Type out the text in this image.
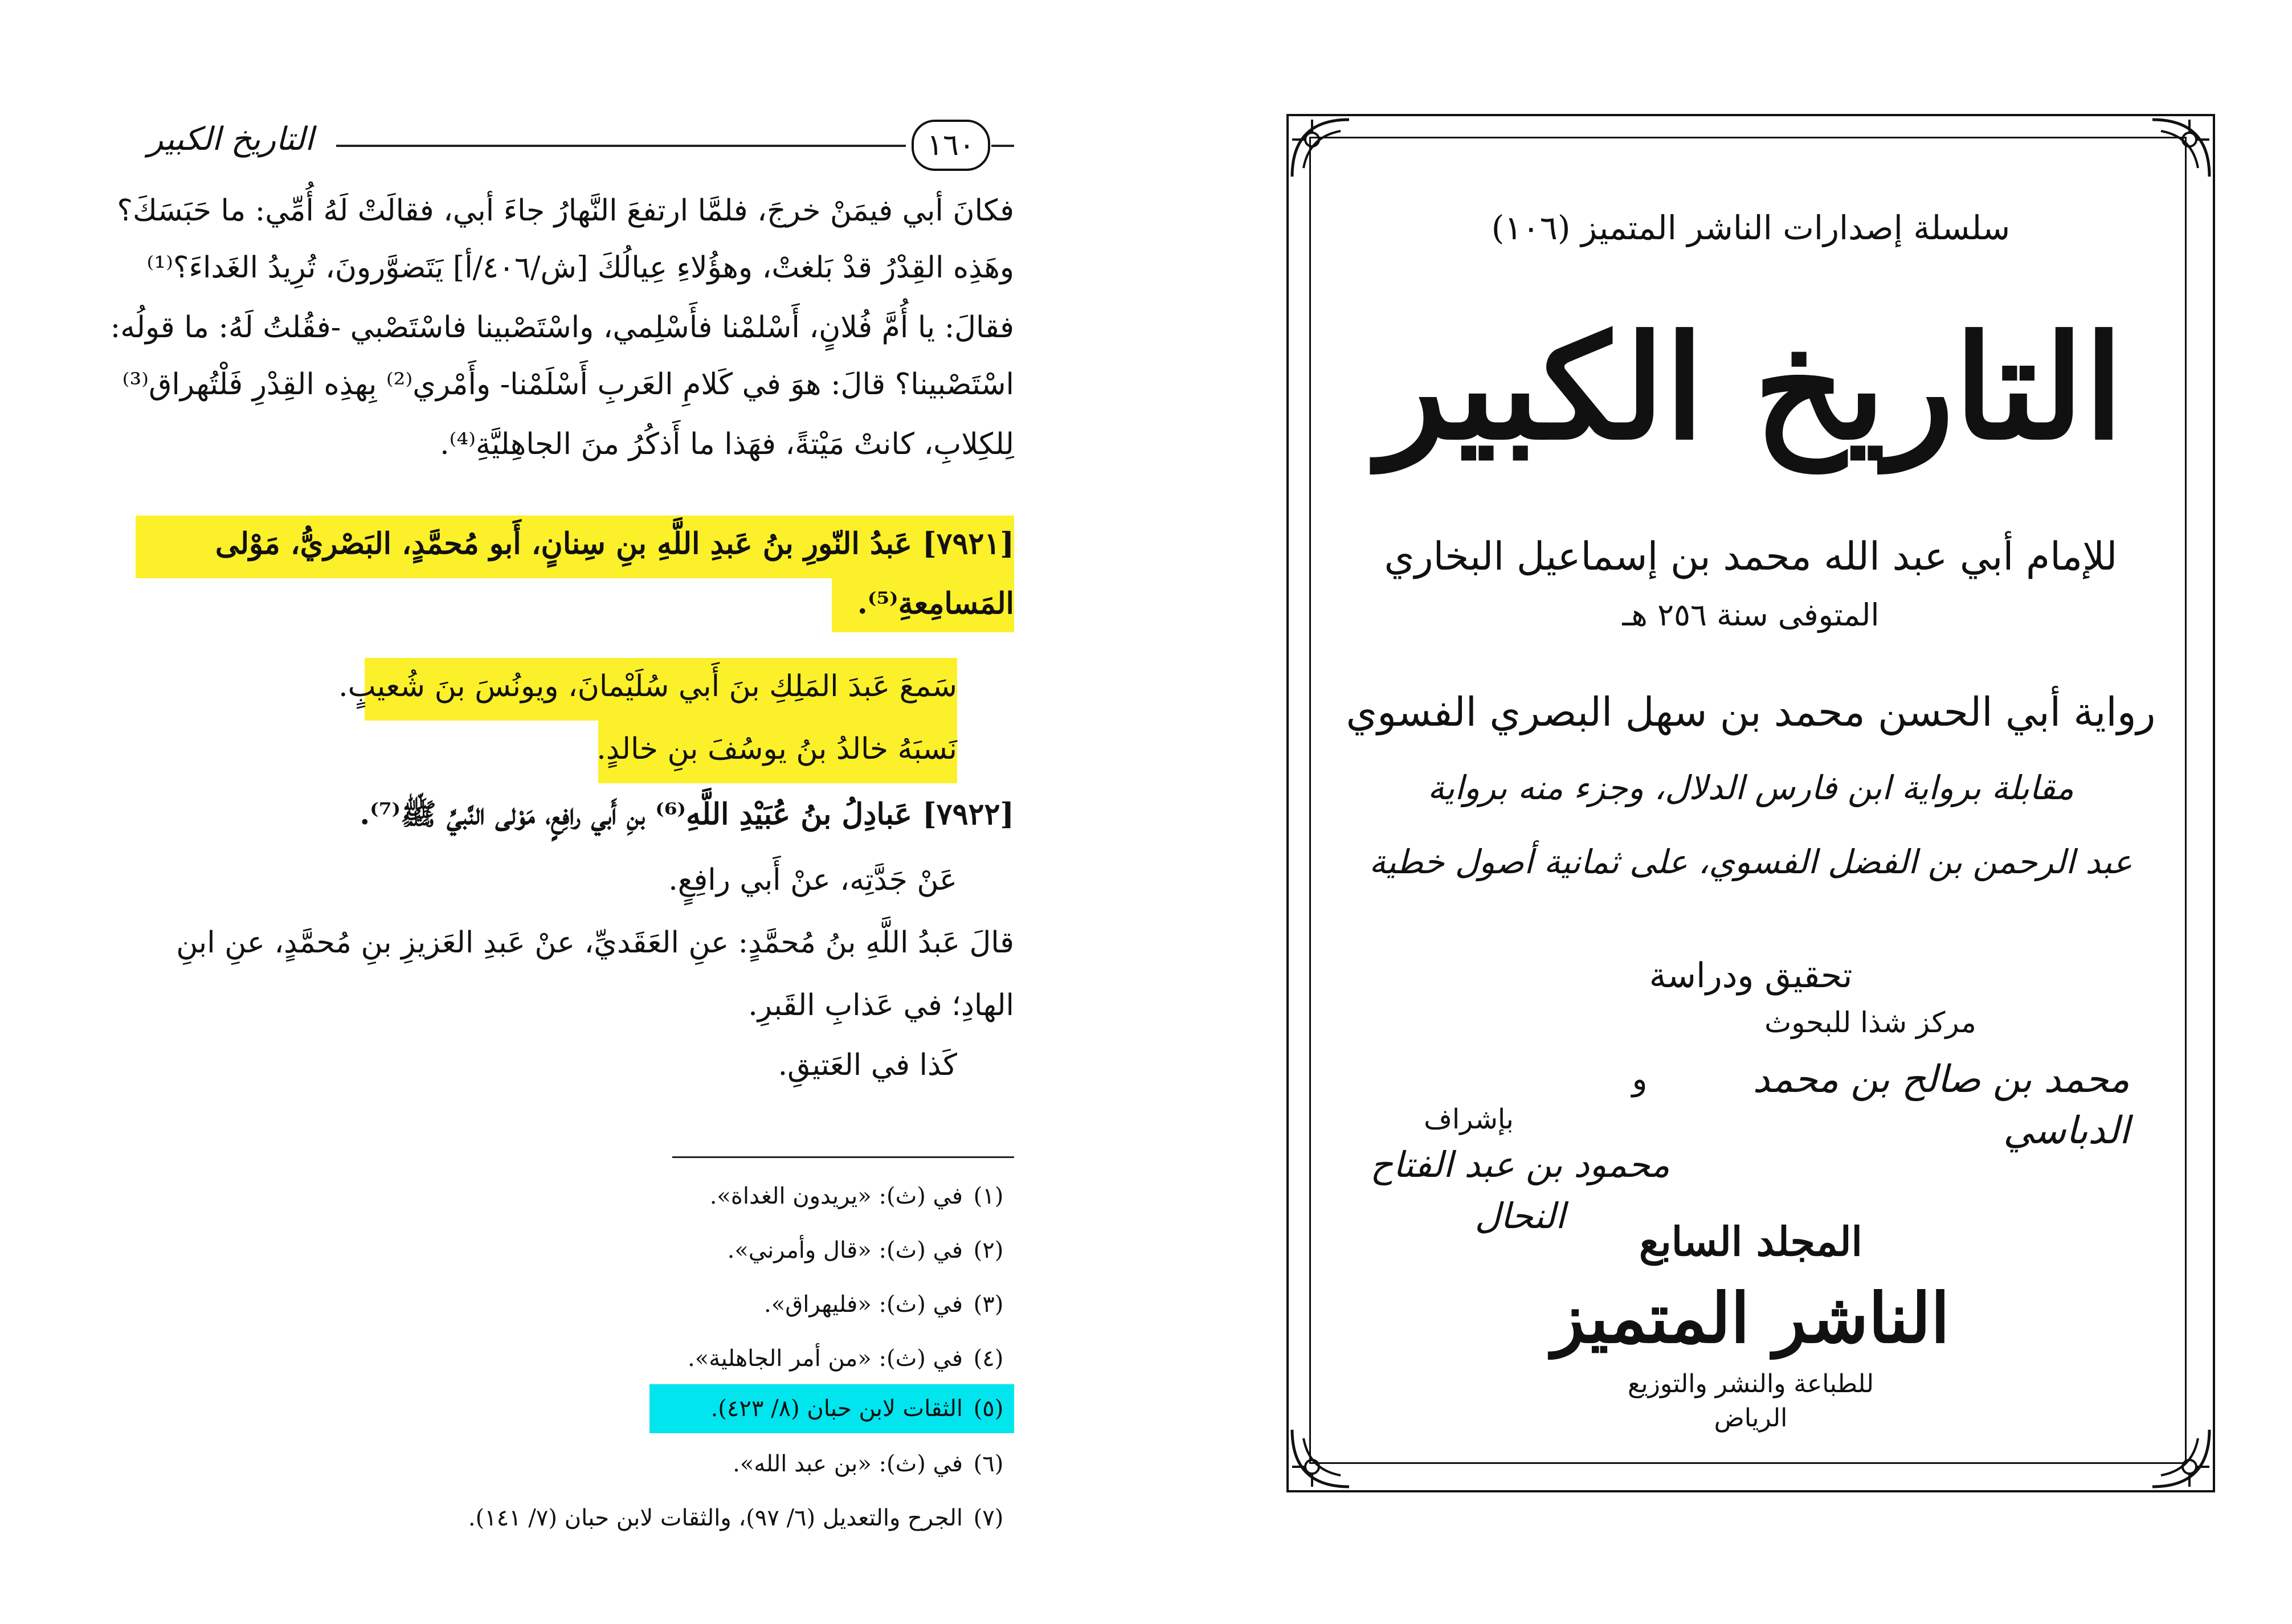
التاريخ الكبير	١٦٠
فكانَ أبي فيمَنْ خرجَ، فلمَّا ارتفعَ النَّهارُ جاءَ أبي، فقالَتْ لَهُ أُمِّي: ما حَبَسَكَ؟
وهَذِه القِدْرُ قدْ بَلغتْ، وهؤُلاءِ عِيالُكَ [ش/٤٠٦/أ] يَتَضوَّرونَ، تُرِيدُ الغَداءَ؟⁽¹⁾
فقالَ: يا أُمَّ فُلانٍ، أَسْلمْنا فأَسْلِمي، واسْتَصْبينا فاسْتَصْبي -فقُلتُ لَهُ: ما قولُه:
اسْتَصْبينا؟ قالَ: هوَ في كَلامِ العَربِ أَسْلَمْنا- وأَمْري⁽²⁾ بِهذِه القِدْرِ فَلْتُهراق⁽³⁾
لِلكِلابِ، كانتْ مَيْتةً، فهَذا ما أَذكُرُ منَ الجاهِليَّةِ⁽⁴⁾.
[٧٩٢١] عَبدُ النّورِ بنُ عَبدِ اللَّهِ بنِ سِنانٍ، أَبو مُحمَّدٍ، البَصْريُّ، مَوْلى
المَسامِعةِ⁽⁵⁾.
سَمعَ عَبدَ المَلِكِ بنَ أَبي سُلَيْمانَ، ويونُسَ بنَ شُعيبٍ.
نَسبَهُ خالدُ بنُ يوسُفَ بنِ خالدٍ.
[٧٩٢٢] عَبادِلُ بنُ عُبَيْدِ اللَّهِ⁽⁶⁾ بنِ أَبي رافِعٍ، مَوْلى النَّبيِّ ﷺ⁽⁷⁾.
عَنْ جَدَّتِه، عنْ أَبي رافِعٍ.
قالَ عَبدُ اللَّهِ بنُ مُحمَّدٍ: عنِ العَقَديِّ، عنْ عَبدِ العَزيزِ بنِ مُحمَّدٍ، عنِ ابنِ
الهادِ؛ في عَذابِ القَبرِ.
كَذا في العَتيقِ.
(١)في (ث): «يريدون الغداة».
(٢)في (ث): «قال وأمرني».
(٣)في (ث): «فليهراق».
(٤)في (ث): «من أمر الجاهلية».
(٥)الثقات لابن حبان (٨/ ٤٢٣).
(٦)في (ث): «بن عبد الله».
(٧)الجرح والتعديل (٦/ ٩٧)، والثقات لابن حبان (٧/ ١٤١).
سلسلة إصدارات الناشر المتميز (١٠٦)
التاريخ الكبير
للإمام أبي عبد الله محمد بن إسماعيل البخاري
المتوفى سنة ٢٥٦ هـ
رواية أبي الحسن محمد بن سهل البصري الفسوي
مقابلة برواية ابن فارس الدلال، وجزء منه برواية
عبد الرحمن بن الفضل الفسوي، على ثمانية أصول خطية
تحقيق ودراسة
مركز شذا للبحوث
محمد بن صالح بن محمد الدباسي
و
بإشراف
محمود بن عبد الفتاح النحال
المجلد السابع
الناشر المتميز
للطباعة والنشر والتوزيع
الرياض
